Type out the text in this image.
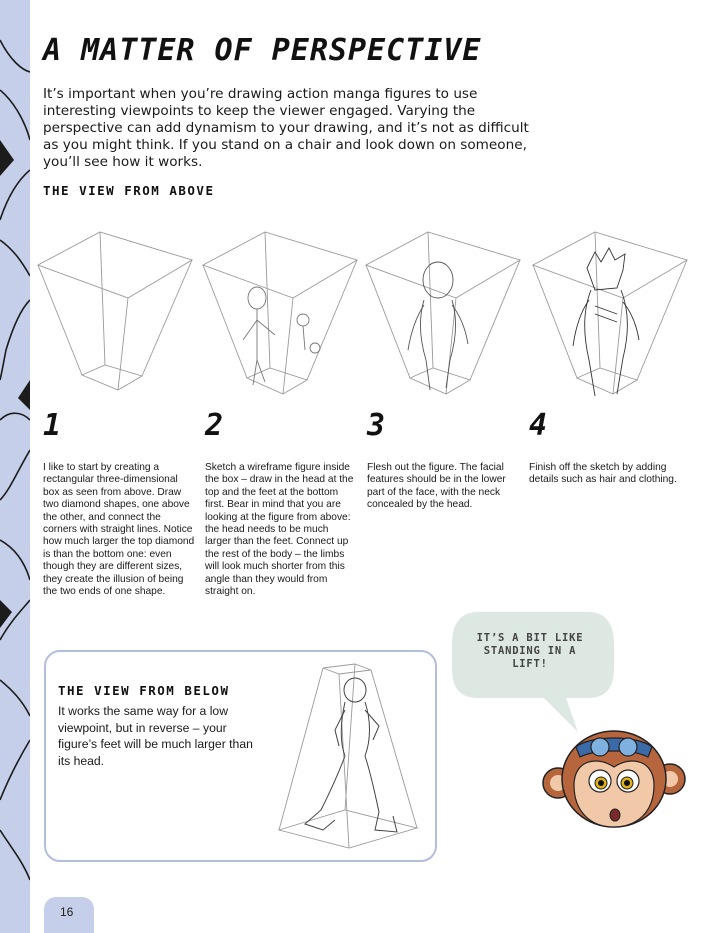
A MATTER OF PERSPECTIVE

It’s important when you’re drawing action manga figures to use interesting viewpoints to keep the viewer engaged. Varying the perspective can add dynamism to your drawing, and it’s not as difficult as you might think. If you stand on a chair and look down on someone, you’ll see how it works.

THE VIEW FROM ABOVE
1	2	3	4

I like to start by creating a rectangular three-dimensional box as seen from above. Draw two diamond shapes, one above the other, and connect the corners with straight lines. Notice how much larger the top diamond is than the bottom one: even though they are different sizes, they create the illusion of being the two ends of one shape.

Sketch a wireframe figure inside the box – draw in the head at the top and the feet at the bottom first. Bear in mind that you are looking at the figure from above: the head needs to be much larger than the feet. Connect up the rest of the body – the limbs will look much shorter from this angle than they would from straight on.

Flesh out the figure. The facial features should be in the lower part of the face, with the neck concealed by the head.

Finish off the sketch by adding details such as hair and clothing.

THE VIEW FROM BELOW

It works the same way for a low viewpoint, but in reverse – your figure’s feet will be much larger than its head.

IT’S A BIT LIKE STANDING IN A LIFT!
16
